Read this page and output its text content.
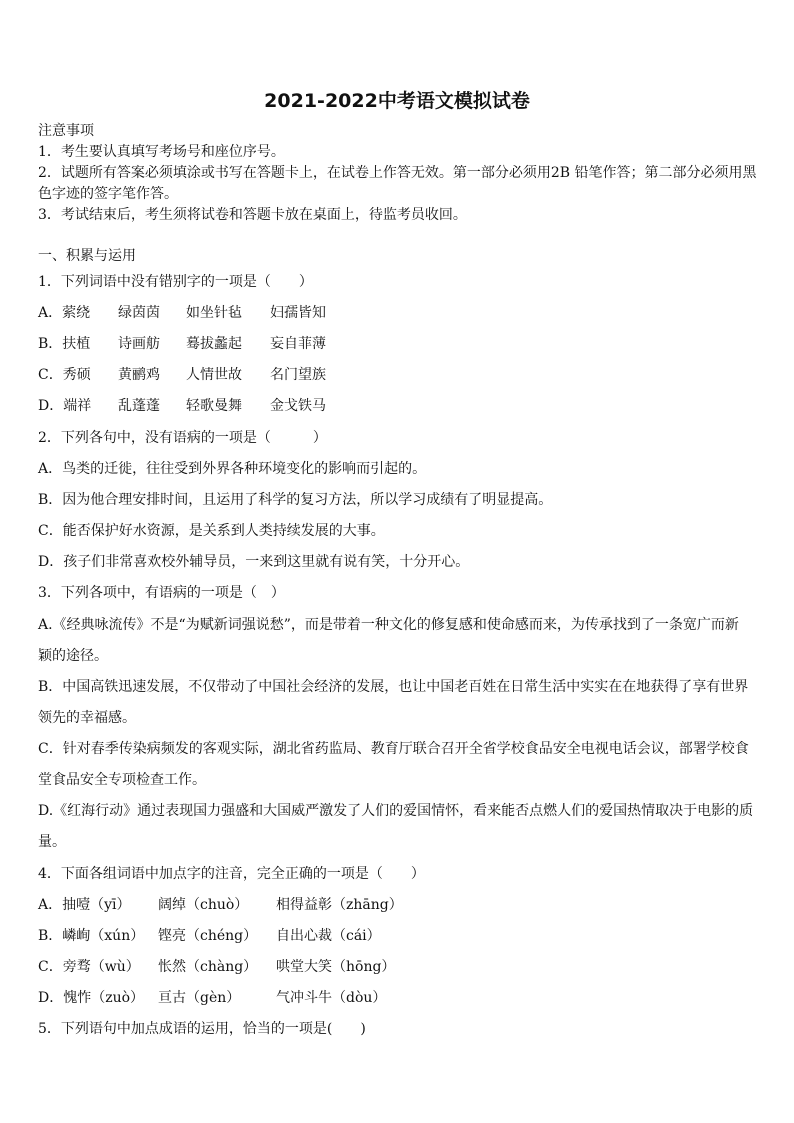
2021-2022中考语文模拟试卷
注意事项
1．考生要认真填写考场号和座位序号。
2．试题所有答案必须填涂或书写在答题卡上，在试卷上作答无效。第一部分必须用2B 铅笔作答；第二部分必须用黑
色字迹的签字笔作答。
3．考试结束后，考生须将试卷和答题卡放在桌面上，待监考员收回。
一、积累与运用
1．下列词语中没有错别字的一项是（　　）
A．萦绕 绿茵茵 如坐针毡 妇孺皆知
B．扶植 诗画舫 蓦拔蠡起 妄自菲薄
C．秀硕 黄鹂鸡 人情世故 名门望族
D．端祥 乱蓬蓬 轻歌曼舞 金戈铁马
2．下列各句中，没有语病的一项是（　　　）
A．鸟类的迁徙，往往受到外界各种环境变化的影响而引起的。
B．因为他合理安排时间，且运用了科学的复习方法，所以学习成绩有了明显提高。
C．能否保护好水资源，是关系到人类持续发展的大事。
D．孩子们非常喜欢校外辅导员，一来到这里就有说有笑，十分开心。
3．下列各项中，有语病的一项是（　）
A.《经典咏流传》不是“为赋新词强说愁”，而是带着一种文化的修复感和使命感而来，为传承找到了一条宽广而新
颖的途径。
B．中国高铁迅速发展，不仅带动了中国社会经济的发展，也让中国老百姓在日常生活中实实在在地获得了享有世界
领先的幸福感。
C．针对春季传染病频发的客观实际，湖北省药监局、教育厅联合召开全省学校食品安全电视电话会议，部署学校食
堂食品安全专项检查工作。
D.《红海行动》通过表现国力强盛和大国威严激发了人们的爱国情怀，看来能否点燃人们的爱国热情取决于电影的质
量。
4．下面各组词语中加点字的注音，完全正确的一项是（　　）
A．抽噎（yī） 阔绰（chuò） 相得益彰（zhāng）
B．嶙峋（xún） 铿亮（chéng） 自出心裁（cái）
C．旁骛（wù） 怅然（chàng） 哄堂大笑（hōng）
D．愧怍（zuò） 亘古（gèn）	气冲斗牛（dòu）
5．下列语句中加点成语的运用，恰当的一项是(　　)
